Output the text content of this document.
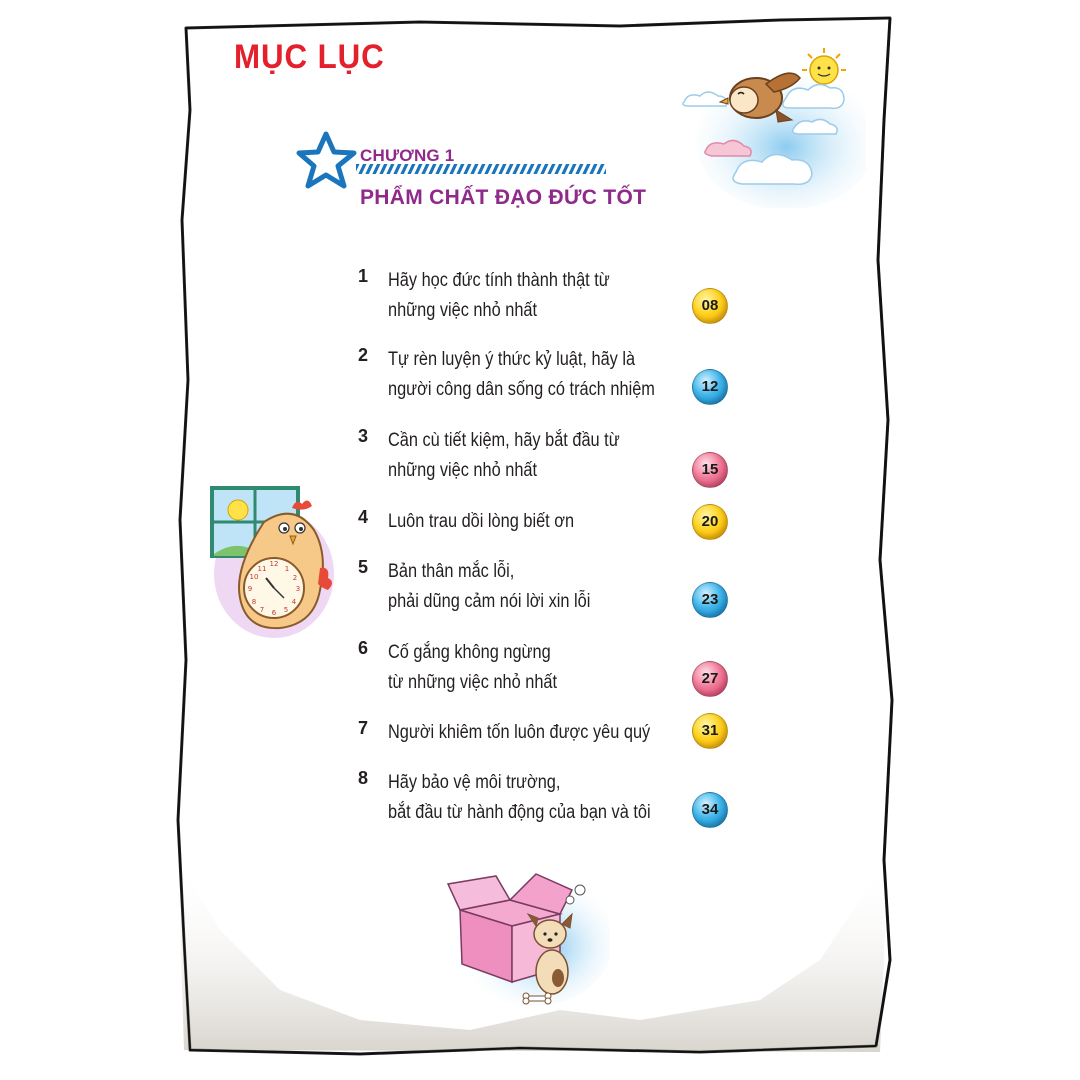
MỤC LỤC
CHƯƠNG 1
PHẨM CHẤT ĐẠO ĐỨC TỐT
1 Hãy học đức tính thành thật từ
những việc nhỏ nhất	08
2 Tự rèn luyện ý thức kỷ luật, hãy là
người công dân sống có trách nhiệm	12
3 Cần cù tiết kiệm, hãy bắt đầu từ
những việc nhỏ nhất	15
4 Luôn trau dồi lòng biết ơn	20
5 Bản thân mắc lỗi,
phải dũng cảm nói lời xin lỗi	23
6 Cố gắng không ngừng
từ những việc nhỏ nhất	27
7 Người khiêm tốn luôn được yêu quý	31
8 Hãy bảo vệ môi trường,
bắt đầu từ hành động của bạn và tôi	34
12
3
6
9
1
2
4
5
7
8
10
11
